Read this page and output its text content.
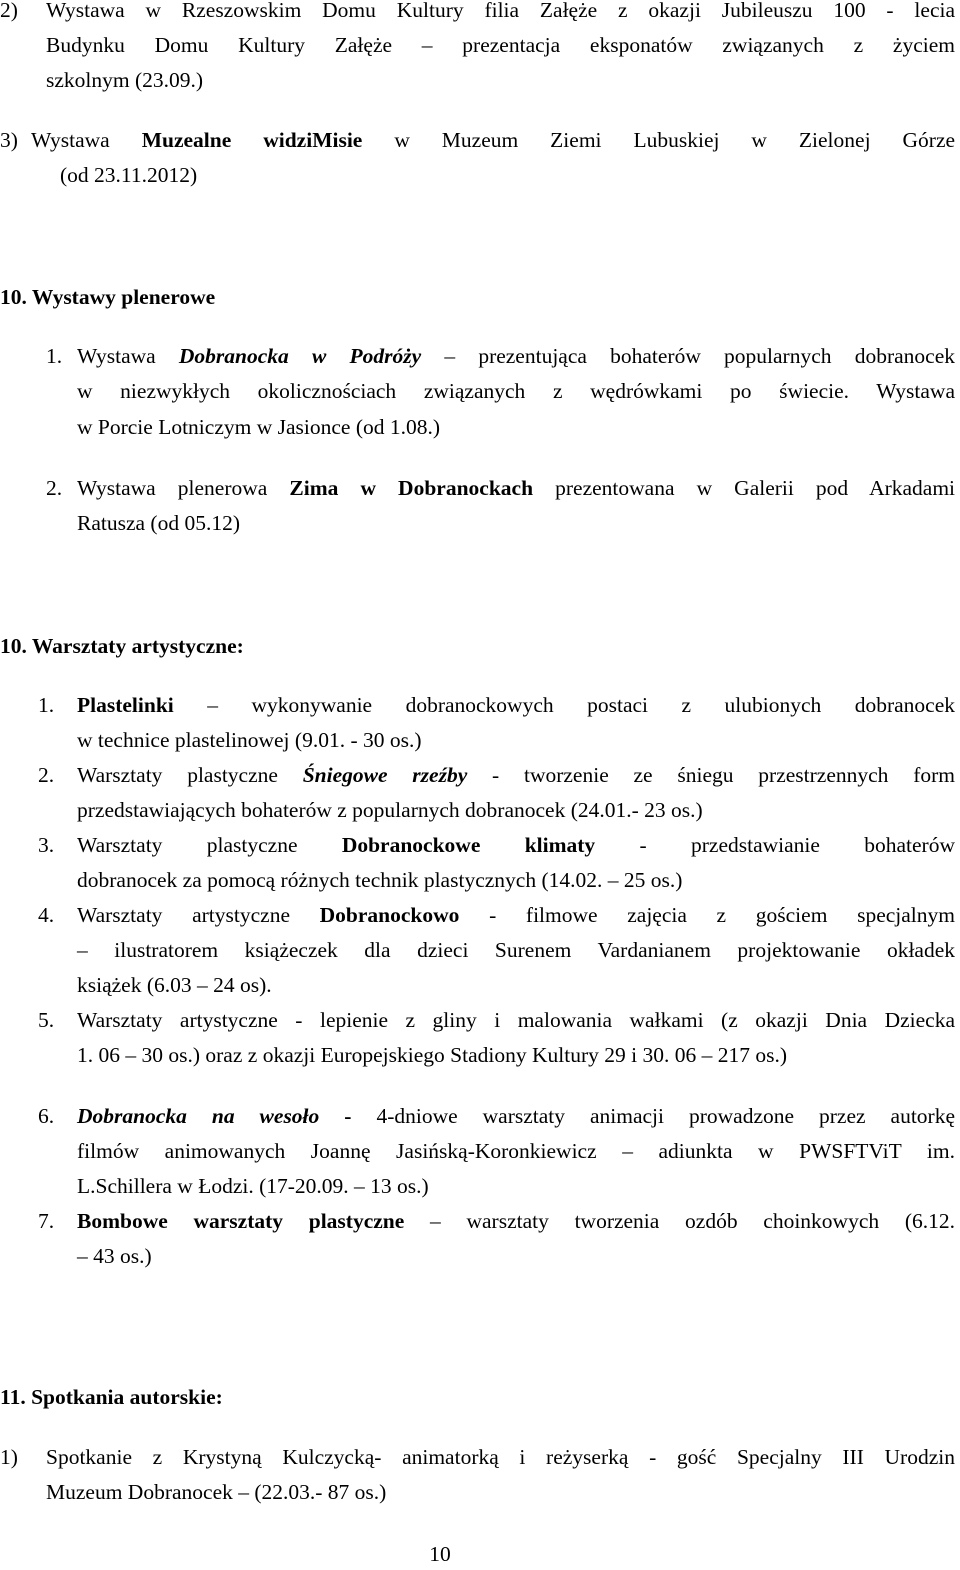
2) Wystawa w Rzeszowskim Domu Kultury filia Załęże z okazji Jubileuszu 100 - lecia
Budynku Domu Kultury Załęże – prezentacja eksponatów związanych z życiem
szkolnym (23.09.)
3) Wystawa Muzealne widziMisie w Muzeum Ziemi Lubuskiej w Zielonej Górze
(od 23.11.2012)
10. Wystawy plenerowe
1. Wystawa Dobranocka w Podróży – prezentująca bohaterów popularnych dobranocek
w niezwykłych okolicznościach związanych z wędrówkami po świecie. Wystawa
w Porcie Lotniczym w Jasionce (od 1.08.)
2. Wystawa plenerowa Zima w Dobranockach prezentowana w Galerii pod Arkadami
Ratusza (od 05.12)
10. Warsztaty artystyczne:
1. Plastelinki – wykonywanie dobranockowych postaci z ulubionych dobranocek
w technice plastelinowej (9.01. - 30 os.)
2. Warsztaty plastyczne Śniegowe rzeźby - tworzenie ze śniegu przestrzennych form
przedstawiających bohaterów z popularnych dobranocek (24.01.- 23 os.)
3. Warsztaty plastyczne Dobranockowe klimaty - przedstawianie bohaterów
dobranocek za pomocą różnych technik plastycznych (14.02. – 25 os.)
4. Warsztaty artystyczne Dobranockowo - filmowe zajęcia z gościem specjalnym
– ilustratorem książeczek dla dzieci Surenem Vardanianem projektowanie okładek
książek (6.03 – 24 os).
5. Warsztaty artystyczne - lepienie z gliny i malowania wałkami (z okazji Dnia Dziecka
1. 06 – 30 os.) oraz z okazji Europejskiego Stadiony Kultury 29 i 30. 06 – 217 os.)
6. Dobranocka na wesoło - 4-dniowe warsztaty animacji prowadzone przez autorkę
filmów animowanych Joannę Jasińską-Koronkiewicz – adiunkta w PWSFTViT im.
L.Schillera w Łodzi. (17-20.09. – 13 os.)
7. Bombowe warsztaty plastyczne – warsztaty tworzenia ozdób choinkowych (6.12.
– 43 os.)
11. Spotkania autorskie:
1) Spotkanie z Krystyną Kulczycką- animatorką i reżyserką - gość Specjalny III Urodzin
Muzeum Dobranocek – (22.03.- 87 os.)
10
